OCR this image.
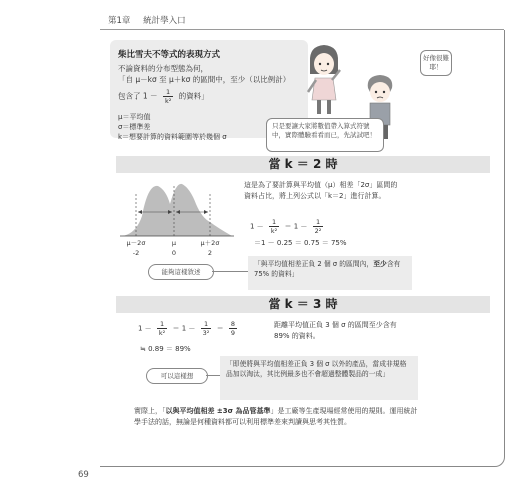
第1章 統計學入口
柴比雪夫不等式的表現方式
不論資料的分布型態為何，
「自 μ－kσ 至 μ＋kσ 的區間中，至少（以比例計）
包含了 $1 - \frac{1}{\text{k²}}$ 的資料」
μ＝平均值
σ＝標準差
k＝想要計算的資料範圍等於幾個 σ
好像很難耶！
只是要讓大家將數值帶入算式符號中，實際體驗看看而已，先試試吧！
當 k ＝ 2 時
μ－2σ	μ	μ＋2σ
-2	0	2
這是為了要計算與平均值（μ）相差「2σ」區間的資料占比，將上列公式以「k＝2」進行計算。
$1 - \frac{1}{\text{k²}} = 1 - \frac{1}{\text{2²}}$
＝1 － 0.25 ＝ 0.75 ＝ 75%
「與平均值相差正負 2 個 σ 的區間內，至少含有 75% 的資料」
能夠這樣敘述
當 k ＝ 3 時
$1 - \frac{1}{\text{k²}} = 1 - \frac{1}{\text{3²}} = \frac{8}{9}$
≒ 0.89 ＝ 89%
距離平均值正負 3 個 σ 的區間至少含有 89% 的資料。
「即使將與平均值相差正負 3 個 σ 以外的產品，當成非規格品加以淘汰，其比例最多也不會超過整體製品的一成」
可以這樣想
實際上，「以與平均值相差 ±3σ 為品管基準」是工廠等生產現場經常使用的規則。運用統計學手法的話，無論是何種資料都可以利用標準差來判讀與思考其性質。
69
